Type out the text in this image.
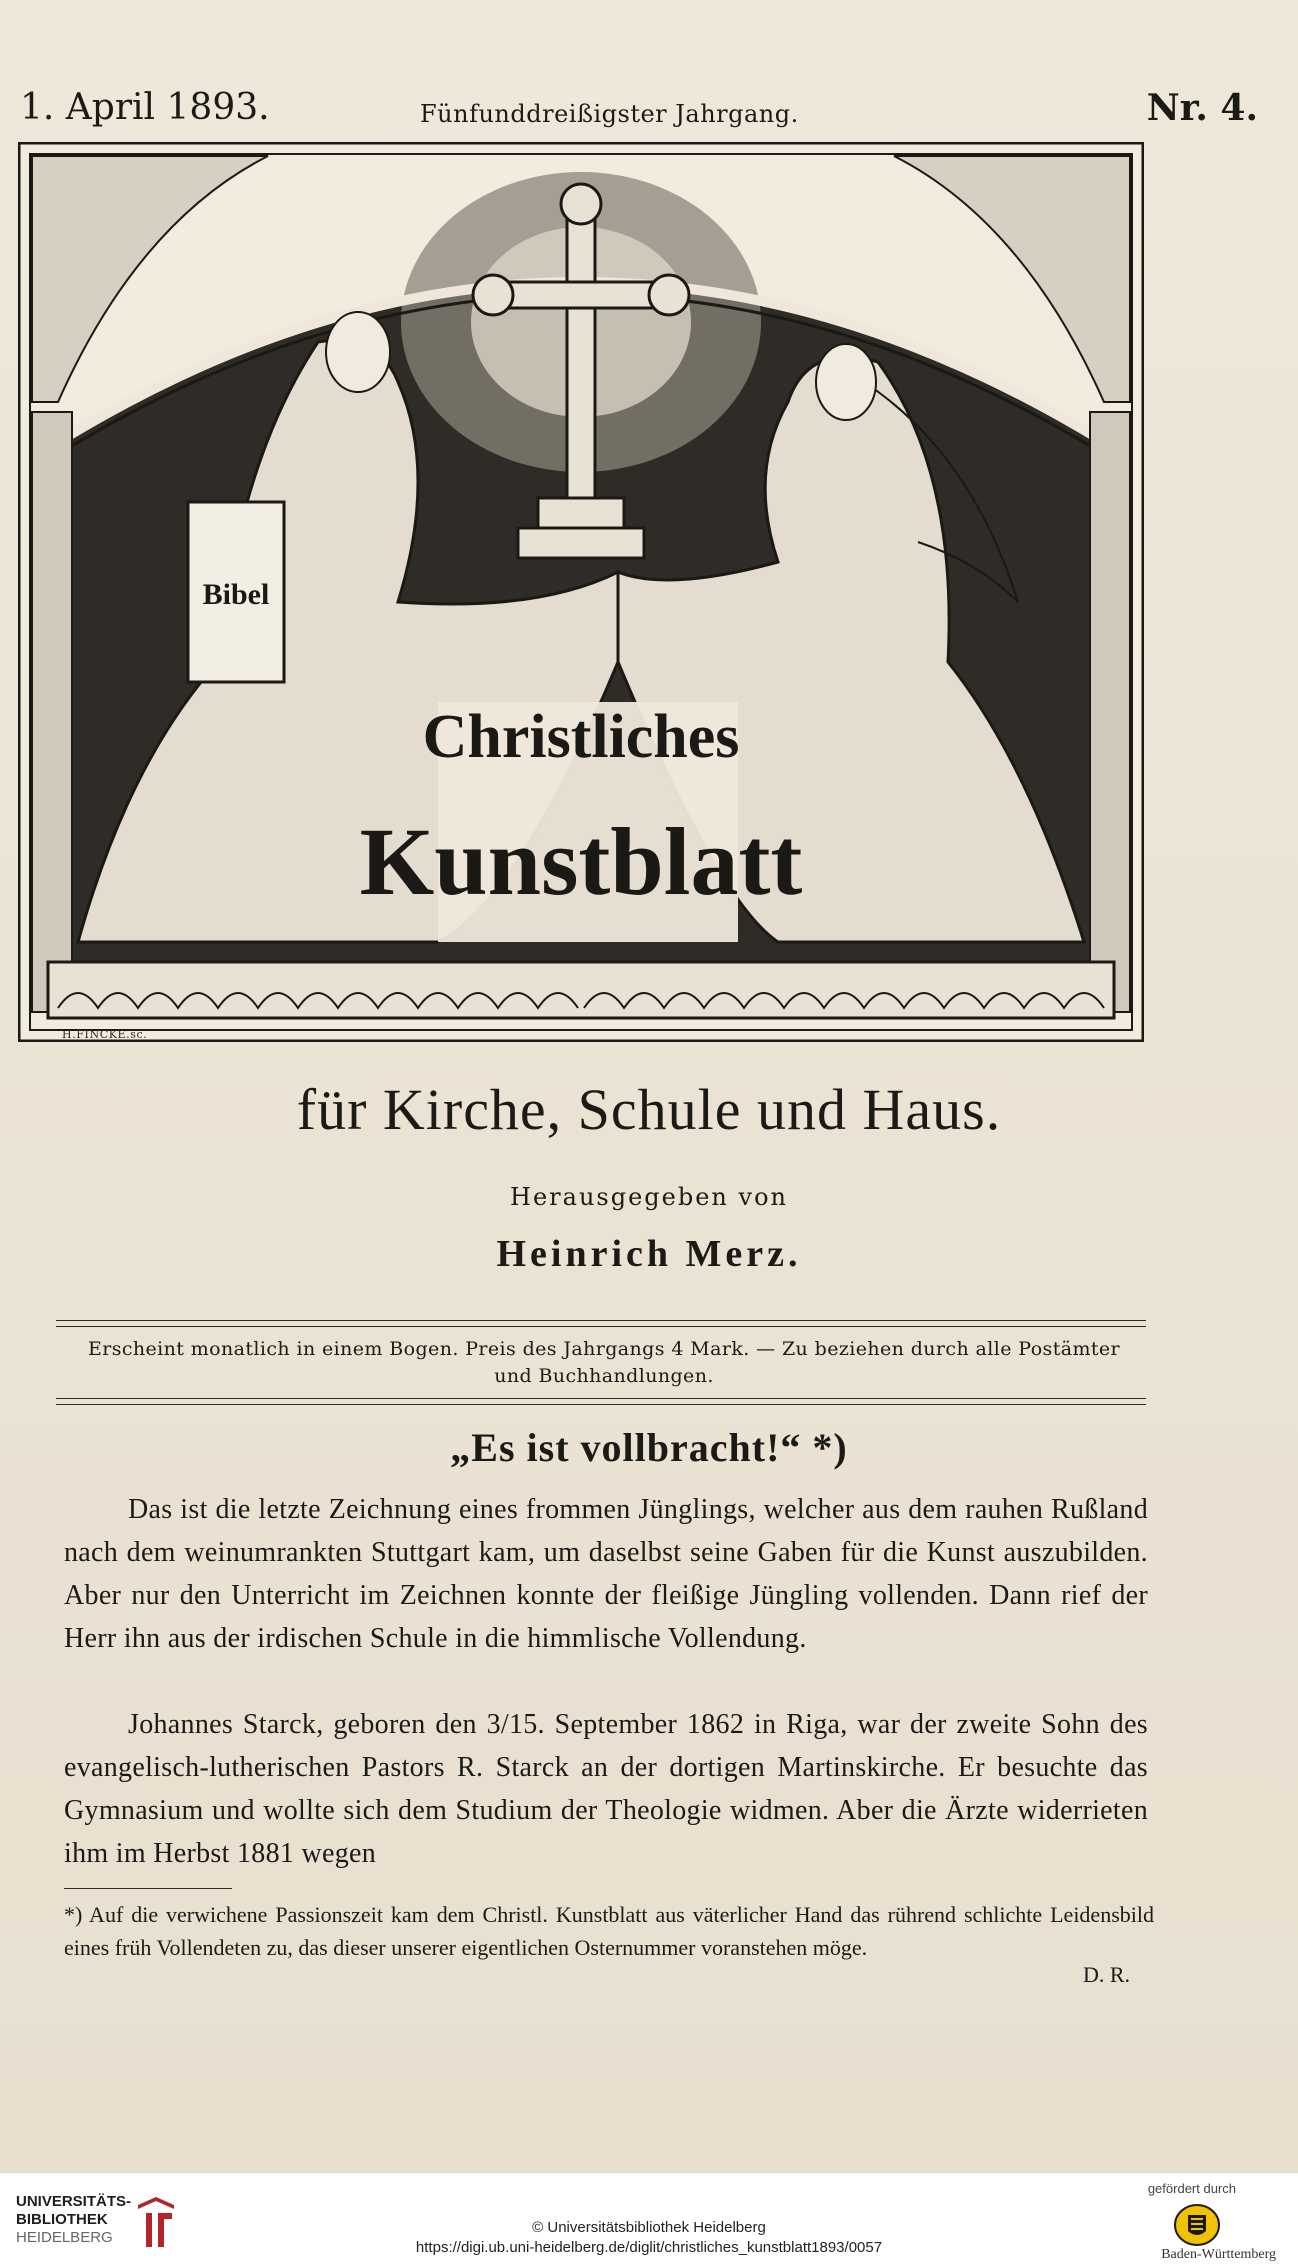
1. April 1893.	Fünfunddreißigster Jahrgang.	Nr. 4.
Bibel
Christliches
Kunstblatt
H.FINCKE.sc.
für Kirche, Schule und Haus.
Herausgegeben von
Heinrich Merz.
Erscheint monatlich in einem Bogen. Preis des Jahrgangs 4 Mark. — Zu beziehen durch alle Postämter
und Buchhandlungen.
„Es ist vollbracht!“ *)
Das ist die letzte Zeichnung eines frommen Jünglings, welcher aus dem rauhen Rußland nach dem weinumrankten Stuttgart kam, um daselbst seine Gaben für die Kunst auszubilden. Aber nur den Unterricht im Zeichnen konnte der fleißige Jüngling vollenden. Dann rief der Herr ihn aus der irdischen Schule in die himmlische Vollendung.
Johannes Starck, geboren den 3/15. September 1862 in Riga, war der zweite Sohn des evangelisch-lutherischen Pastors R. Starck an der dortigen Martinskirche. Er besuchte das Gymnasium und wollte sich dem Studium der Theologie widmen. Aber die Ärzte widerrieten ihm im Herbst 1881 wegen
*) Auf die verwichene Passionszeit kam dem Christl. Kunstblatt aus väterlicher Hand das rührend schlichte Leidensbild eines früh Vollendeten zu, das dieser unserer eigentlichen Osternummer voranstehen möge.
D. R.
UNIVERSITÄTS-
BIBLIOTHEK
HEIDELBERG
© Universitätsbibliothek Heidelberg
https://digi.ub.uni-heidelberg.de/diglit/christliches_kunstblatt1893/0057
gefördert durch
Baden-Württemberg
